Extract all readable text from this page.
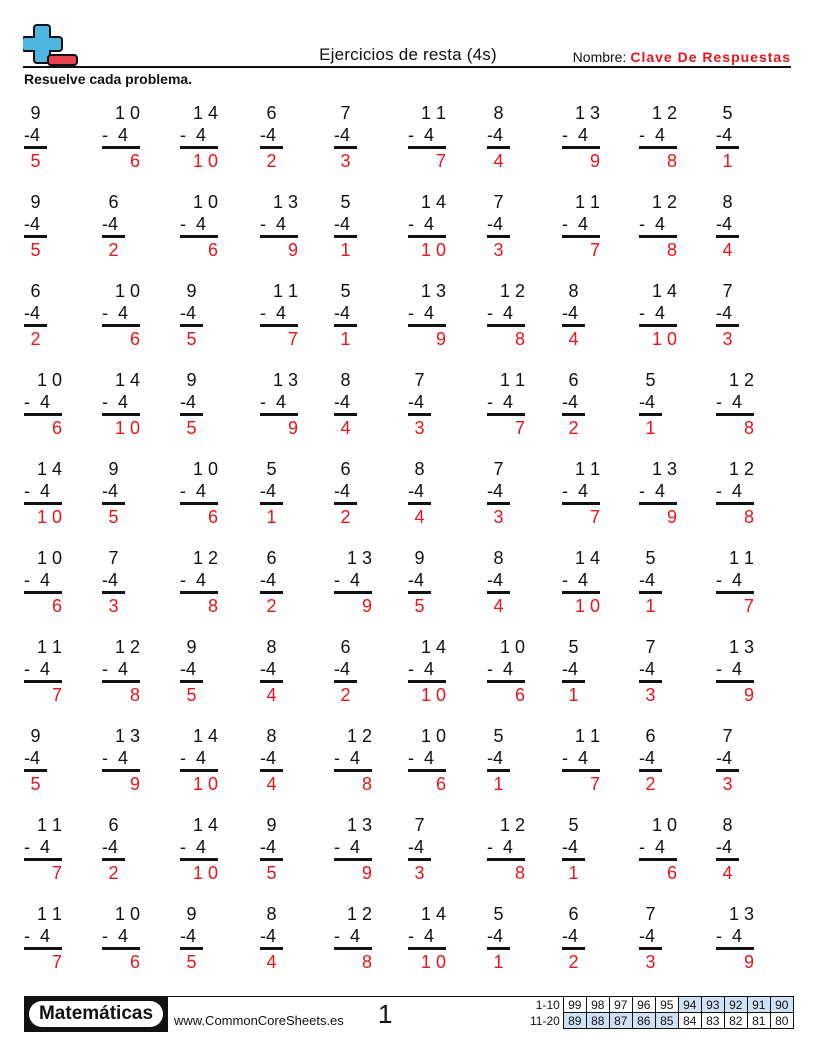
Ejercicios de resta (4s)	Nombre: Clave De Respuestas
Resuelve cada problema.
9
-4
5
1 0
-  4
6
1 4
-  4
1 0
6
-4
2
7
-4
3
1 1
-  4
7
8
-4
4
1 3
-  4
9
1 2
-  4
8
5
-4
1
9
-4
5
6
-4
2
1 0
-  4
6
1 3
-  4
9
5
-4
1
1 4
-  4
1 0
7
-4
3
1 1
-  4
7
1 2
-  4
8
8
-4
4
6
-4
2
1 0
-  4
6
9
-4
5
1 1
-  4
7
5
-4
1
1 3
-  4
9
1 2
-  4
8
8
-4
4
1 4
-  4
1 0
7
-4
3
1 0
-  4
6
1 4
-  4
1 0
9
-4
5
1 3
-  4
9
8
-4
4
7
-4
3
1 1
-  4
7
6
-4
2
5
-4
1
1 2
-  4
8
1 4
-  4
1 0
9
-4
5
1 0
-  4
6
5
-4
1
6
-4
2
8
-4
4
7
-4
3
1 1
-  4
7
1 3
-  4
9
1 2
-  4
8
1 0
-  4
6
7
-4
3
1 2
-  4
8
6
-4
2
1 3
-  4
9
9
-4
5
8
-4
4
1 4
-  4
1 0
5
-4
1
1 1
-  4
7
1 1
-  4
7
1 2
-  4
8
9
-4
5
8
-4
4
6
-4
2
1 4
-  4
1 0
1 0
-  4
6
5
-4
1
7
-4
3
1 3
-  4
9
9
-4
5
1 3
-  4
9
1 4
-  4
1 0
8
-4
4
1 2
-  4
8
1 0
-  4
6
5
-4
1
1 1
-  4
7
6
-4
2
7
-4
3
1 1
-  4
7
6
-4
2
1 4
-  4
1 0
9
-4
5
1 3
-  4
9
7
-4
3
1 2
-  4
8
5
-4
1
1 0
-  4
6
8
-4
4
1 1
-  4
7
1 0
-  4
6
9
-4
5
8
-4
4
1 2
-  4
8
1 4
-  4
1 0
5
-4
1
6
-4
2
7
-4
3
1 3
-  4
9
Matemáticas	www.CommonCoreSheets.es 1	1-10	99	98	97	96	95	94	93	92	91	90
11-20	89	88	87	86	85	84	83	82	81	80
